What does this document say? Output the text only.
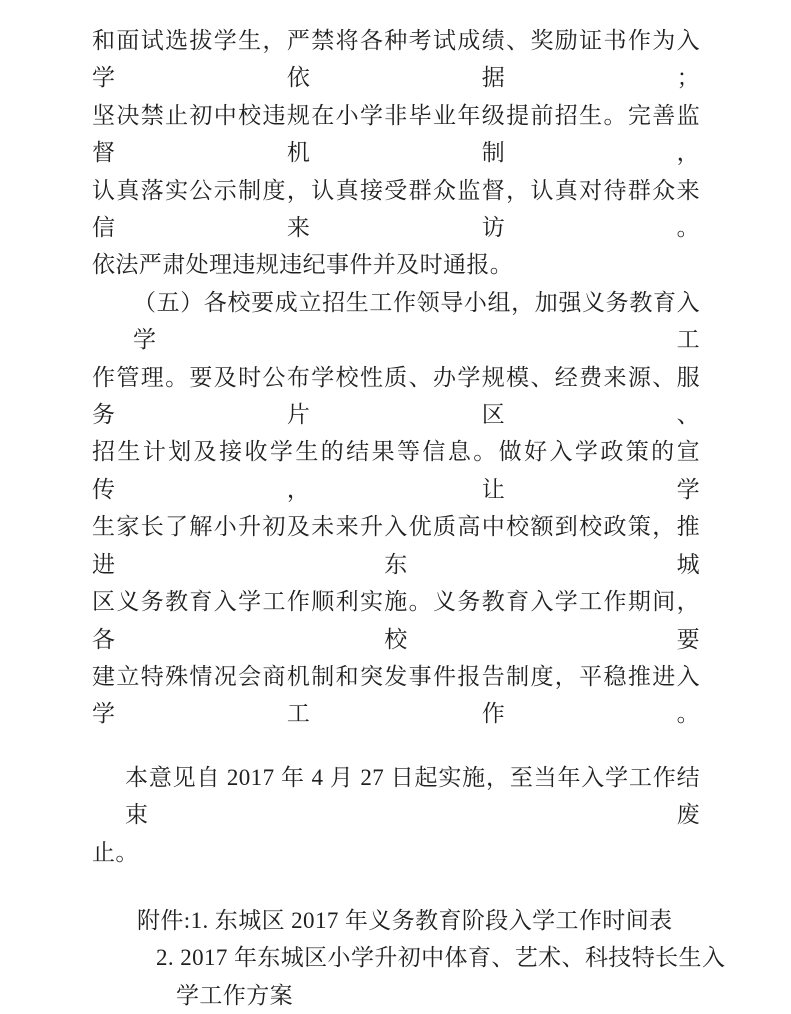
和面试选拔学生，严禁将各种考试成绩、奖励证书作为入学依据；
坚决禁止初中校违规在小学非毕业年级提前招生。完善监督机制，
认真落实公示制度，认真接受群众监督，认真对待群众来信来访。
依法严肃处理违规违纪事件并及时通报。
（五）各校要成立招生工作领导小组，加强义务教育入学工
作管理。要及时公布学校性质、办学规模、经费来源、服务片区、
招生计划及接收学生的结果等信息。做好入学政策的宣传，让学
生家长了解小升初及未来升入优质高中校额到校政策，推进东城
区义务教育入学工作顺利实施。义务教育入学工作期间，各校要
建立特殊情况会商机制和突发事件报告制度，平稳推进入学工作。
本意见自 2017 年 4 月 27 日起实施，至当年入学工作结束废
止。
附件:1. 东城区 2017 年义务教育阶段入学工作时间表
2. 2017 年东城区小学升初中体育、艺术、科技特长生入
学工作方案
